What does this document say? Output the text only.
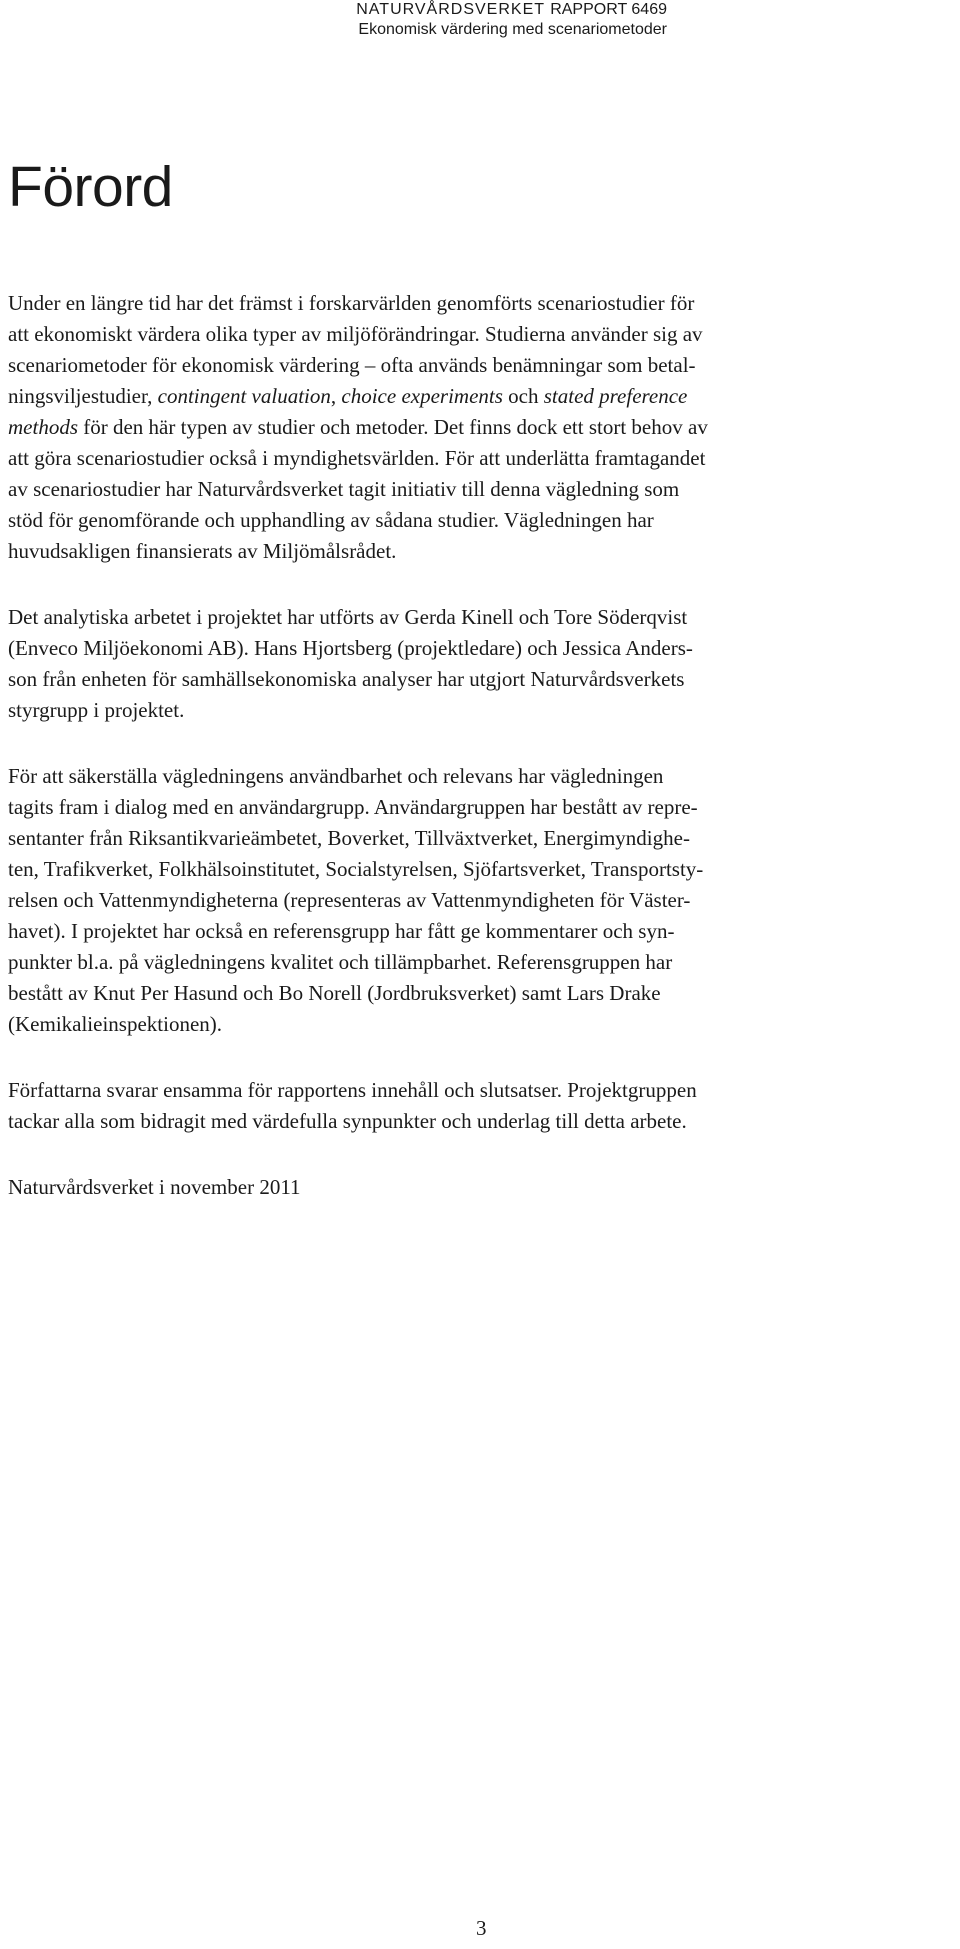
NATURVÅRDSVERKET RAPPORT 6469
Ekonomisk värdering med scenariometoder
Förord

Under en längre tid har det främst i forskarvärlden genomförts scenariostudier för
att ekonomiskt värdera olika typer av miljöförändringar. Studierna använder sig av
scenariometoder för ekonomisk värdering – ofta används benämningar som betal-
ningsviljestudier, contingent valuation, choice experiments och stated preference
methods för den här typen av studier och metoder. Det finns dock ett stort behov av
att göra scenariostudier också i myndighetsvärlden. För att underlätta framtagandet
av scenariostudier har Naturvårdsverket tagit initiativ till denna vägledning som
stöd för genomförande och upphandling av sådana studier. Vägledningen har
huvudsakligen finansierats av Miljömålsrådet.

Det analytiska arbetet i projektet har utförts av Gerda Kinell och Tore Söderqvist
(Enveco Miljöekonomi AB). Hans Hjortsberg (projektledare) och Jessica Anders-
son från enheten för samhällsekonomiska analyser har utgjort Naturvårdsverkets
styrgrupp i projektet.

För att säkerställa vägledningens användbarhet och relevans har vägledningen
tagits fram i dialog med en användargrupp. Användargruppen har bestått av repre-
sentanter från Riksantikvarieämbetet, Boverket, Tillväxtverket, Energimyndighe-
ten, Trafikverket, Folkhälsoinstitutet, Socialstyrelsen, Sjöfartsverket, Transportsty-
relsen och Vattenmyndigheterna (representeras av Vattenmyndigheten för Väster-
havet). I projektet har också en referensgrupp har fått ge kommentarer och syn-
punkter bl.a. på vägledningens kvalitet och tillämpbarhet. Referensgruppen har
bestått av Knut Per Hasund och Bo Norell (Jordbruksverket) samt Lars Drake
(Kemikalieinspektionen).

Författarna svarar ensamma för rapportens innehåll och slutsatser. Projektgruppen
tackar alla som bidragit med värdefulla synpunkter och underlag till detta arbete.

Naturvårdsverket i november 2011

3
